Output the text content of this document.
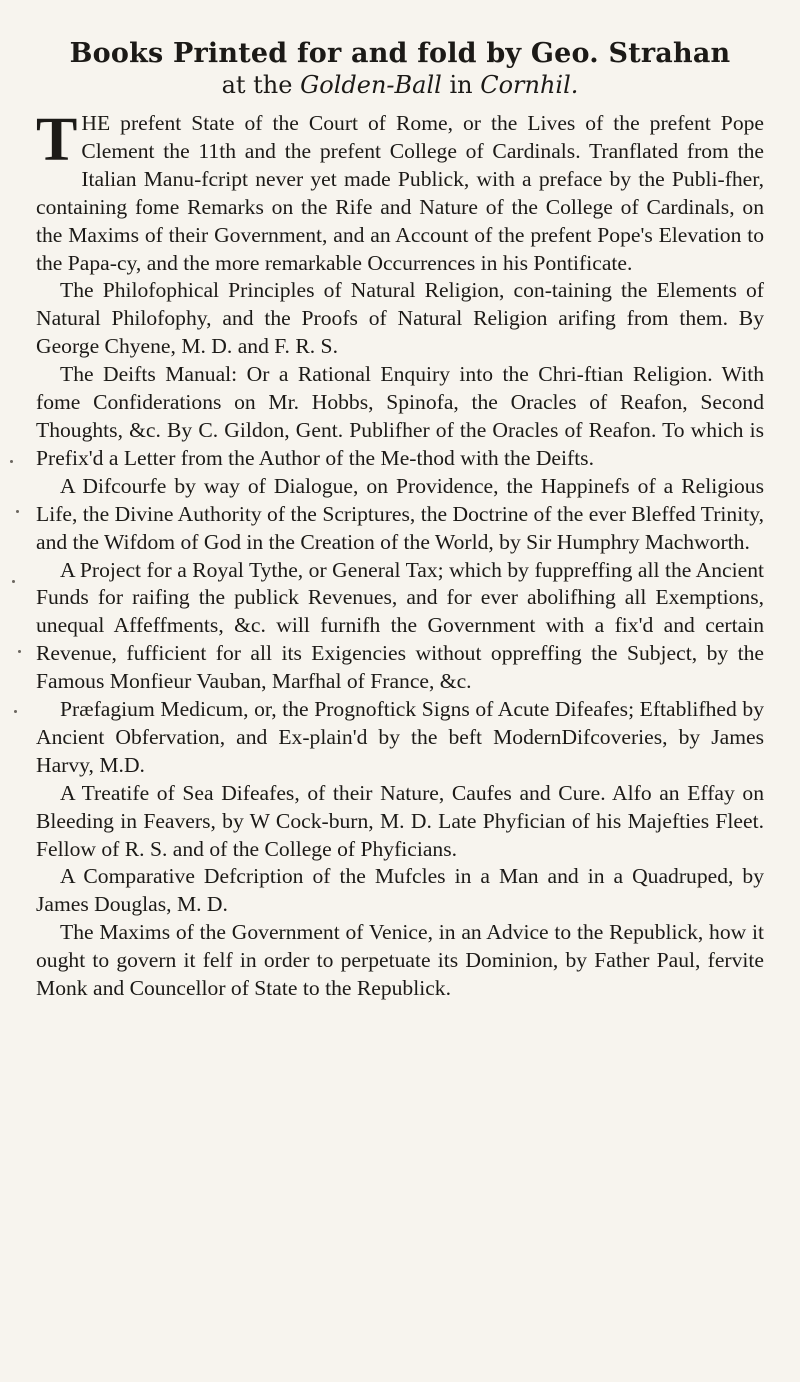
Books Printed for and fold by Geo. Strahan
at the Golden-Ball in Cornhil.

THE prefent State of the Court of Rome, or the Lives of the prefent Pope Clement the 11th and the prefent College of Cardinals. Tranflated from the Italian Manu-fcript never yet made Publick, with a preface by the Publi-fher, containing fome Remarks on the Rife and Nature of the College of Cardinals, on the Maxims of their Government, and an Account of the prefent Pope's Elevation to the Papa-cy, and the more remarkable Occurrences in his Pontificate.

The Philofophical Principles of Natural Religion, con-taining the Elements of Natural Philofophy, and the Proofs of Natural Religion arifing from them. By George Chyene, M. D. and F. R. S.

The Deifts Manual: Or a Rational Enquiry into the Chri-ftian Religion. With fome Confiderations on Mr. Hobbs, Spinofa, the Oracles of Reafon, Second Thoughts, &c. By C. Gildon, Gent. Publifher of the Oracles of Reafon. To which is Prefix'd a Letter from the Author of the Me-thod with the Deifts.

A Difcourfe by way of Dialogue, on Providence, the Happinefs of a Religious Life, the Divine Authority of the Scriptures, the Doctrine of the ever Bleffed Trinity, and the Wifdom of God in the Creation of the World, by Sir Humphry Machworth.

A Project for a Royal Tythe, or General Tax; which by fuppreffing all the Ancient Funds for raifing the publick Revenues, and for ever abolifhing all Exemptions, unequal Affeffments, &c. will furnifh the Government with a fix'd and certain Revenue, fufficient for all its Exigencies without oppreffing the Subject, by the Famous Monfieur Vauban, Marfhal of France, &c.

Præfagium Medicum, or, the Prognoftick Signs of Acute Difeafes; Eftablifhed by Ancient Obfervation, and Ex-plain'd by the beft ModernDifcoveries, by James Harvy, M.D.

A Treatife of Sea Difeafes, of their Nature, Caufes and Cure. Alfo an Effay on Bleeding in Feavers, by W Cock-burn, M. D. Late Phyfician of his Majefties Fleet. Fellow of R. S. and of the College of Phyficians.

A Comparative Defcription of the Mufcles in a Man and in a Quadruped, by James Douglas, M. D.

The Maxims of the Government of Venice, in an Advice to the Republick, how it ought to govern it felf in order to perpetuate its Dominion, by Father Paul, fervite Monk and Councellor of State to the Republick.
